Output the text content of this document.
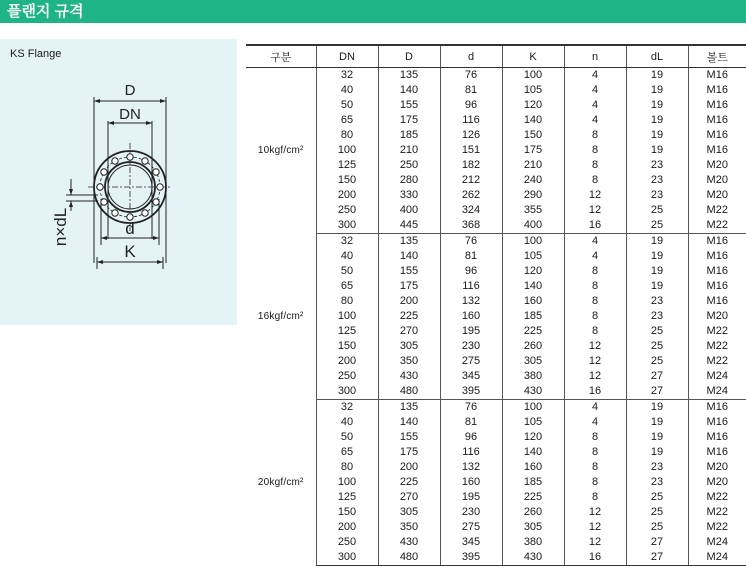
플랜지 규격
KS Flange
D
DN
d
K
n×dL
구분	DN	D	d	K	n	dL	볼트
10kgf/cm²	32	135	76	100	4	19	M16
	40	140	81	105	4	19	M16
	50	155	96	120	4	19	M16
	65	175	116	140	4	19	M16
	80	185	126	150	8	19	M16
	100	210	151	175	8	19	M16
	125	250	182	210	8	23	M20
	150	280	212	240	8	23	M20
	200	330	262	290	12	23	M20
	250	400	324	355	12	25	M22
	300	445	368	400	16	25	M22
16kgf/cm²	32	135	76	100	4	19	M16
	40	140	81	105	4	19	M16
	50	155	96	120	8	19	M16
	65	175	116	140	8	19	M16
	80	200	132	160	8	23	M16
	100	225	160	185	8	23	M20
	125	270	195	225	8	25	M22
	150	305	230	260	12	25	M22
	200	350	275	305	12	25	M22
	250	430	345	380	12	27	M24
	300	480	395	430	16	27	M24
20kgf/cm²	32	135	76	100	4	19	M16
	40	140	81	105	4	19	M16
	50	155	96	120	8	19	M16
	65	175	116	140	8	19	M16
	80	200	132	160	8	23	M20
	100	225	160	185	8	23	M20
	125	270	195	225	8	25	M22
	150	305	230	260	12	25	M22
	200	350	275	305	12	25	M22
	250	430	345	380	12	27	M24
	300	480	395	430	16	27	M24
